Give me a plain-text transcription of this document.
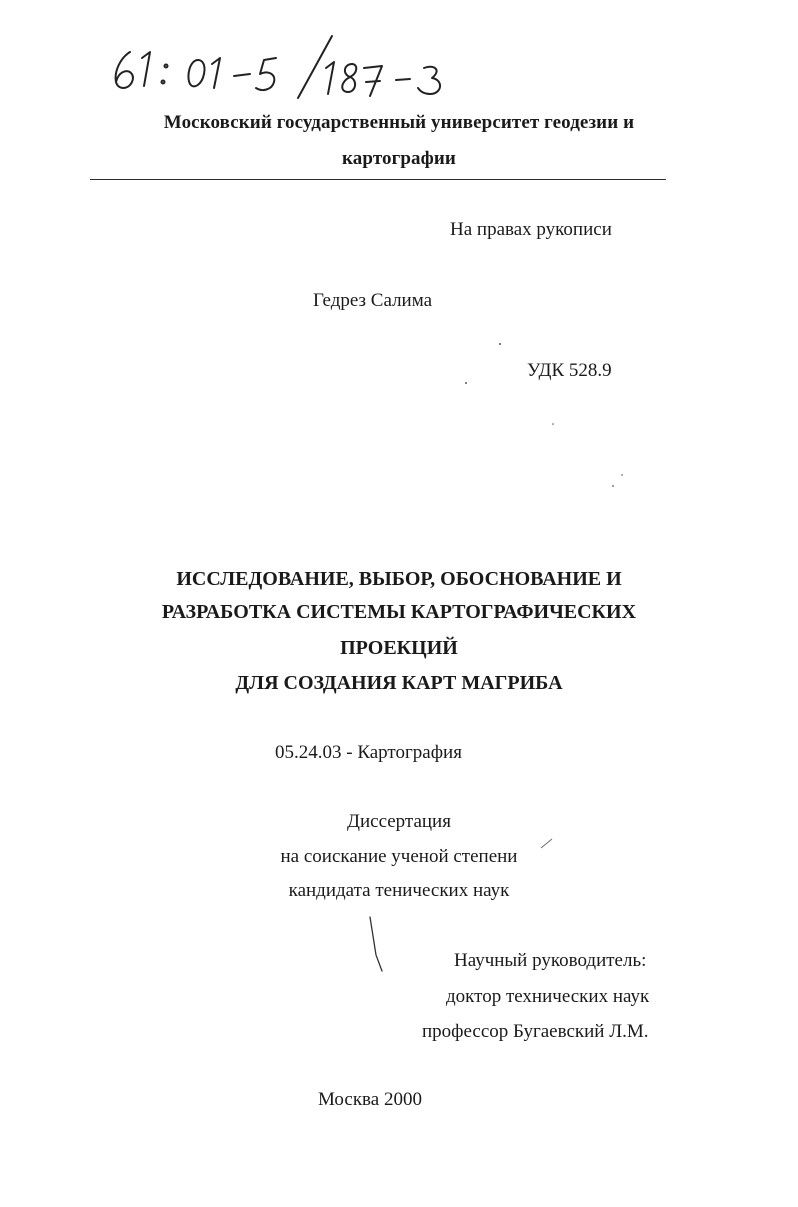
Московский государственный университет геодезии и
картографии
На правах рукописи
Гедрез Салима
УДК 528.9
ИССЛЕДОВАНИЕ, ВЫБОР, ОБОСНОВАНИЕ И
РАЗРАБОТКА СИСТЕМЫ КАРТОГРАФИЧЕСКИХ
ПРОЕКЦИЙ
ДЛЯ СОЗДАНИЯ КАРТ МАГРИБА
05.24.03 - Картография
Диссертация
на соискание ученой степени
кандидата тенических наук
Научный руководитель:
доктор технических наук
профессор Бугаевский Л.М.
Москва 2000
